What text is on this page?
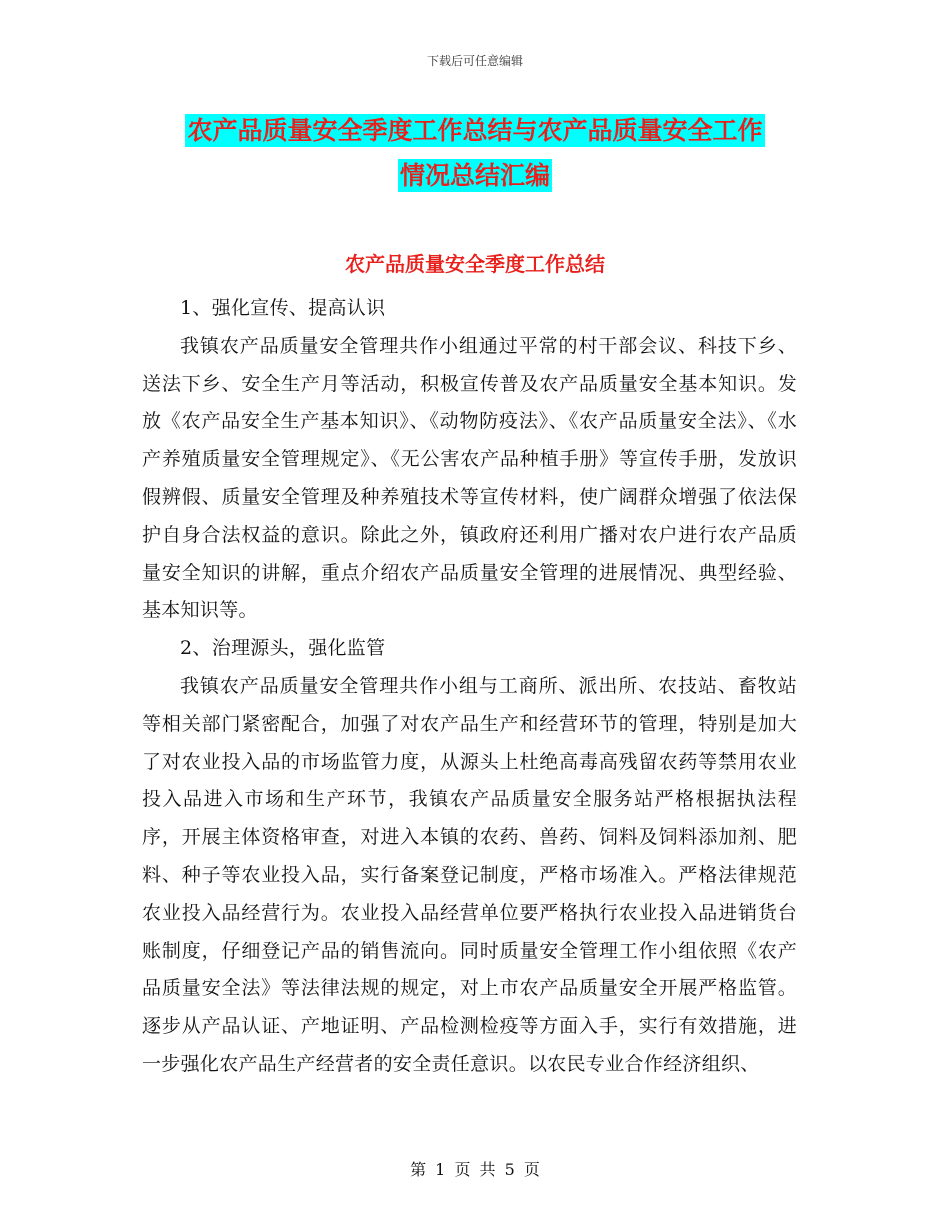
下载后可任意编辑
农产品质量安全季度工作总结与农产品质量安全工作
情况总结汇编
农产品质量安全季度工作总结

1、强化宣传、提高认识

我镇农产品质量安全管理共作小组通过平常的村干部会议、科技下乡、送法下乡、安全生产月等活动，积极宣传普及农产品质量安全基本知识。发放《农产品安全生产基本知识》、《动物防疫法》、《农产品质量安全法》、《水产养殖质量安全管理规定》、《无公害农产品种植手册》等宣传手册，发放识假辨假、质量安全管理及种养殖技术等宣传材料，使广阔群众增强了依法保护自身合法权益的意识。除此之外，镇政府还利用广播对农户进行农产品质量安全知识的讲解，重点介绍农产品质量安全管理的进展情况、典型经验、基本知识等。

2、治理源头，强化监管

我镇农产品质量安全管理共作小组与工商所、派出所、农技站、畜牧站等相关部门紧密配合，加强了对农产品生产和经营环节的管理，特别是加大了对农业投入品的市场监管力度，从源头上杜绝高毒高残留农药等禁用农业投入品进入市场和生产环节，我镇农产品质量安全服务站严格根据执法程序，开展主体资格审查，对进入本镇的农药、兽药、饲料及饲料添加剂、肥料、种子等农业投入品，实行备案登记制度，严格市场准入。严格法律规范农业投入品经营行为。农业投入品经营单位要严格执行农业投入品进销货台账制度，仔细登记产品的销售流向。同时质量安全管理工作小组依照《农产品质量安全法》等法律法规的规定，对上市农产品质量安全开展严格监管。逐步从产品认证、产地证明、产品检测检疫等方面入手，实行有效措施，进一步强化农产品生产经营者的安全责任意识。以农民专业合作经济组织、

第 1 页 共 5 页
